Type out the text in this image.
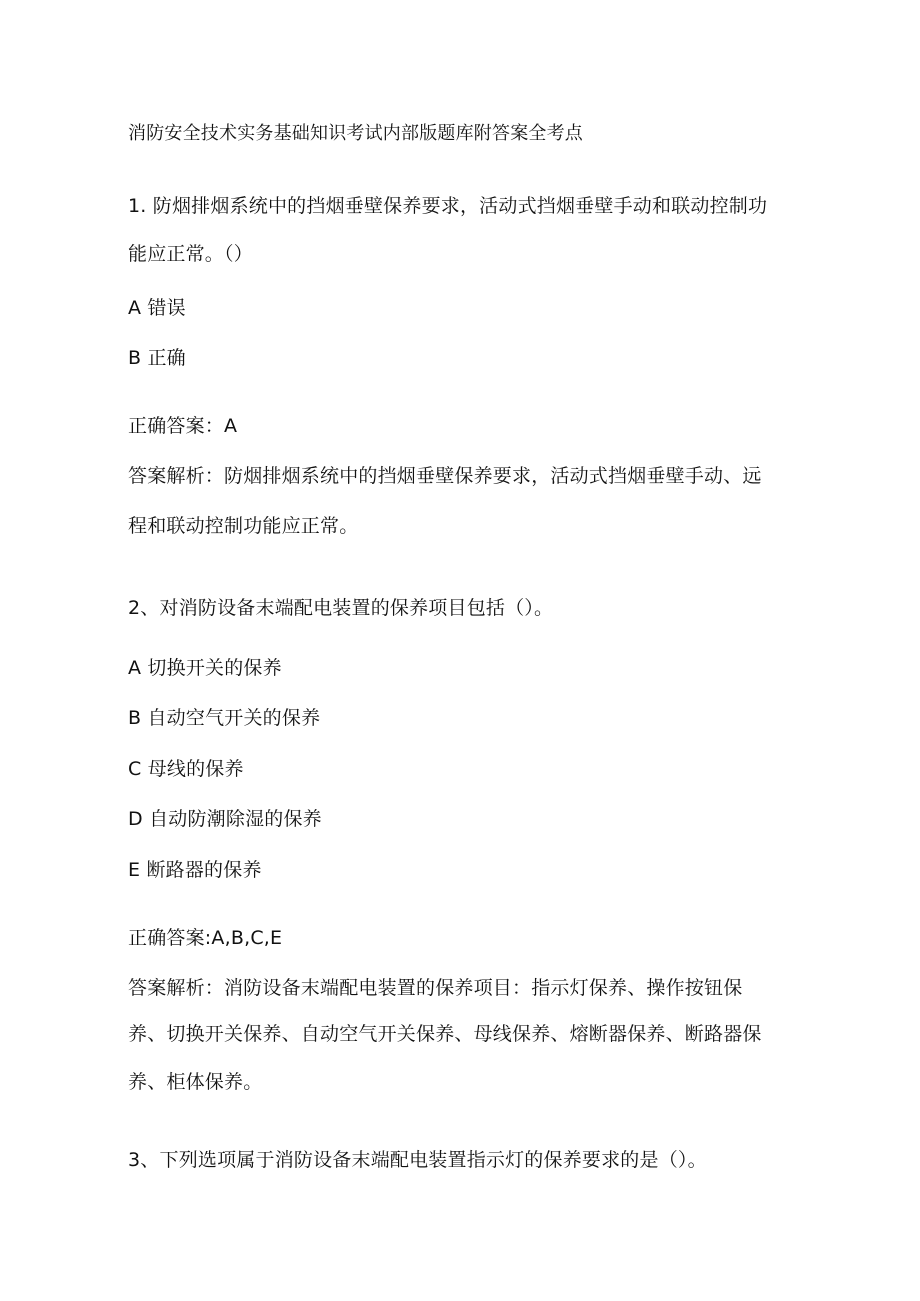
消防安全技术实务基础知识考试内部版题库附答案全考点
1. 防烟排烟系统中的挡烟垂壁保养要求，活动式挡烟垂壁手动和联动控制功
能应正常。（）
A 错误
B 正确
正确答案：A
答案解析：防烟排烟系统中的挡烟垂壁保养要求，活动式挡烟垂壁手动、远
程和联动控制功能应正常。
2、对消防设备末端配电装置的保养项目包括（）。
A 切换开关的保养
B 自动空气开关的保养
C 母线的保养
D 自动防潮除湿的保养
E 断路器的保养
正确答案:A,B,C,E
答案解析：消防设备末端配电装置的保养项目：指示灯保养、操作按钮保
养、切换开关保养、自动空气开关保养、母线保养、熔断器保养、断路器保
养、柜体保养。
3、下列选项属于消防设备末端配电装置指示灯的保养要求的是（）。
